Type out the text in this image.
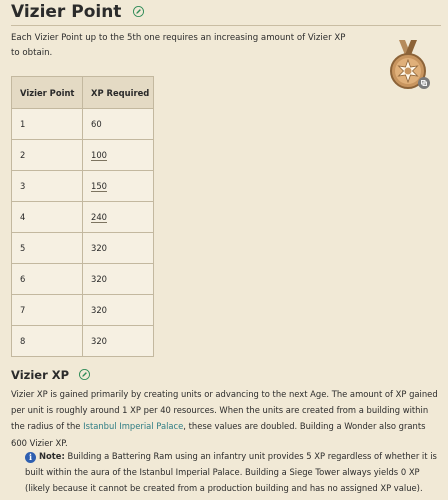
Vizier Point
Each Vizier Point up to the 5th one requires an increasing amount of Vizier XP to obtain.
Vizier Point	XP Required
1	60
2	100
3	150
4	240
5	320
6	320
7	320
8	320
Vizier XP
Vizier XP is gained primarily by creating units or advancing to the next Age. The amount of XP gained per unit is roughly around 1 XP per 40 resources. When the units are created from a building within the radius of the Istanbul Imperial Palace, these values are doubled. Building a Wonder also grants 600 Vizier XP.
i Note: Building a Battering Ram using an infantry unit provides 5 XP regardless of whether it is built within the aura of the Istanbul Imperial Palace. Building a Siege Tower always yields 0 XP (likely because it cannot be created from a production building and has no assigned XP value).
